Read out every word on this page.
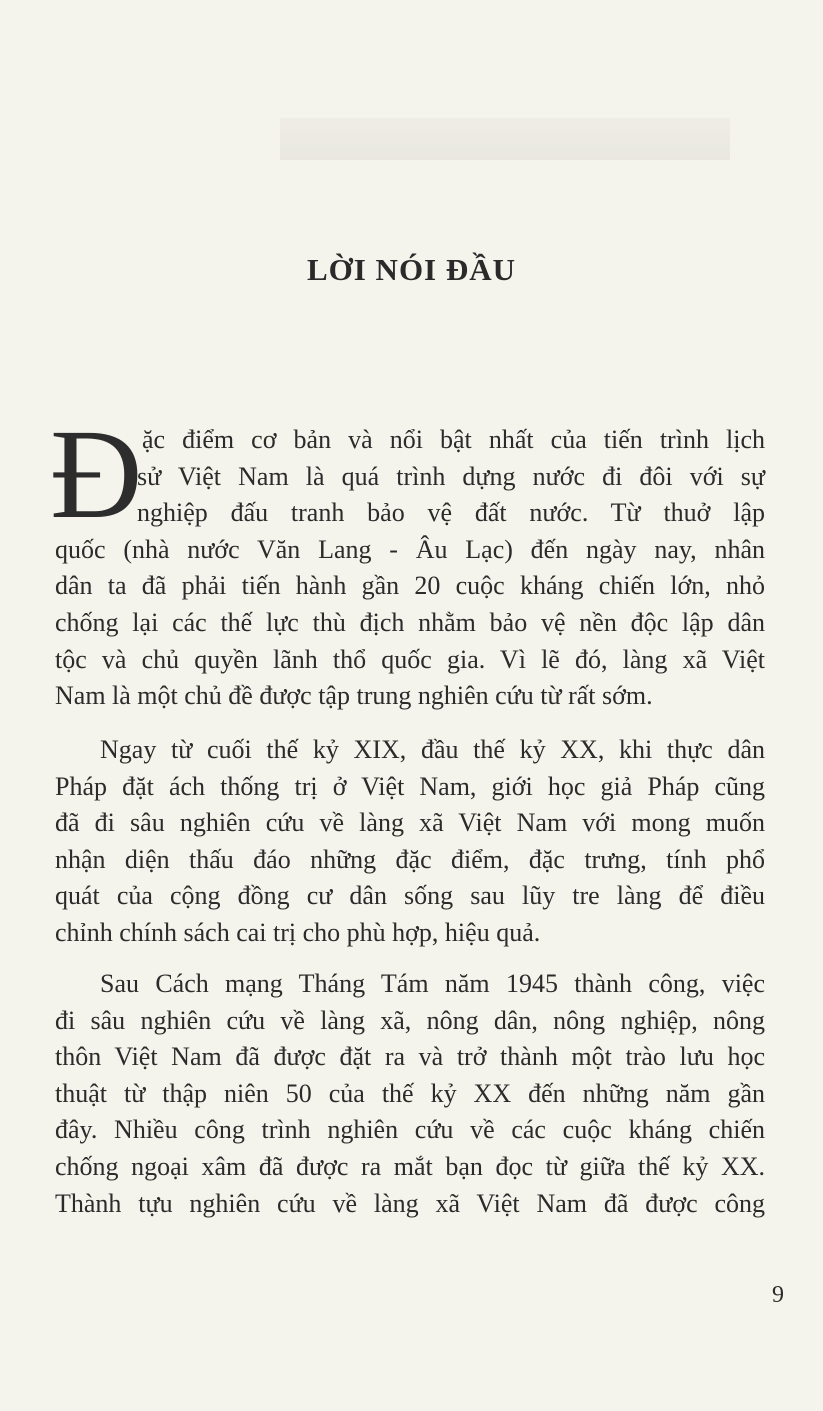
LỜI NÓI ĐẦU
Đ ặc điểm cơ bản và nổi bật nhất của tiến trình lịch
sử Việt Nam là quá trình dựng nước đi đôi với sự
nghiệp đấu tranh bảo vệ đất nước. Từ thuở lập
quốc (nhà nước Văn Lang - Âu Lạc) đến ngày nay, nhân
dân ta đã phải tiến hành gần 20 cuộc kháng chiến lớn, nhỏ
chống lại các thế lực thù địch nhằm bảo vệ nền độc lập dân
tộc và chủ quyền lãnh thổ quốc gia. Vì lẽ đó, làng xã Việt
Nam là một chủ đề được tập trung nghiên cứu từ rất sớm.
Ngay từ cuối thế kỷ XIX, đầu thế kỷ XX, khi thực dân
Pháp đặt ách thống trị ở Việt Nam, giới học giả Pháp cũng
đã đi sâu nghiên cứu về làng xã Việt Nam với mong muốn
nhận diện thấu đáo những đặc điểm, đặc trưng, tính phổ
quát của cộng đồng cư dân sống sau lũy tre làng để điều
chỉnh chính sách cai trị cho phù hợp, hiệu quả.
Sau Cách mạng Tháng Tám năm 1945 thành công, việc
đi sâu nghiên cứu về làng xã, nông dân, nông nghiệp, nông
thôn Việt Nam đã được đặt ra và trở thành một trào lưu học
thuật từ thập niên 50 của thế kỷ XX đến những năm gần
đây. Nhiều công trình nghiên cứu về các cuộc kháng chiến
chống ngoại xâm đã được ra mắt bạn đọc từ giữa thế kỷ XX.
Thành tựu nghiên cứu về làng xã Việt Nam đã được công
9
